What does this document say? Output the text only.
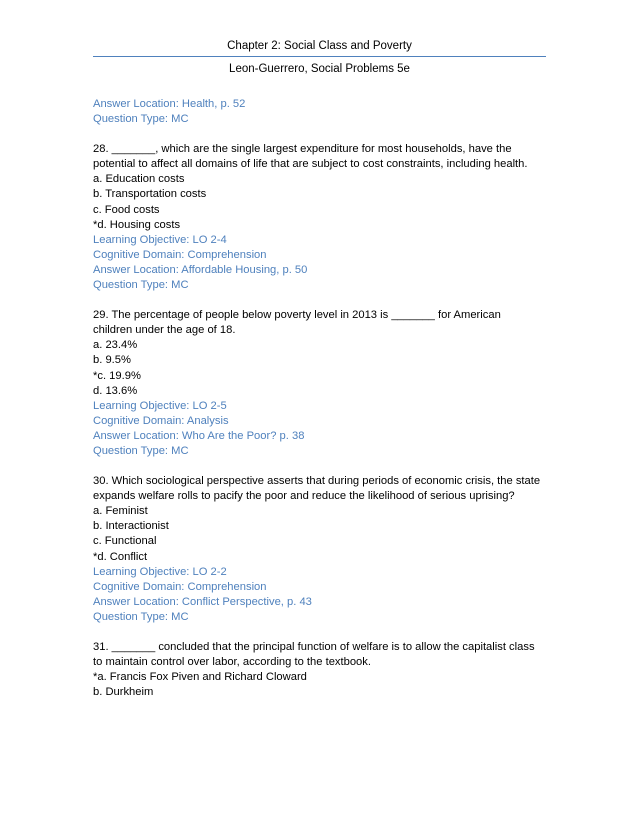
Chapter 2: Social Class and Poverty
Leon-Guerrero, Social Problems 5e
Answer Location: Health, p. 52
Question Type: MC
28. _______, which are the single largest expenditure for most households, have the potential to affect all domains of life that are subject to cost constraints, including health.
a. Education costs
b. Transportation costs
c. Food costs
*d. Housing costs
Learning Objective: LO 2-4
Cognitive Domain: Comprehension
Answer Location: Affordable Housing, p. 50
Question Type: MC
29. The percentage of people below poverty level in 2013 is _______ for American children under the age of 18.
a. 23.4%
b. 9.5%
*c. 19.9%
d. 13.6%
Learning Objective: LO 2-5
Cognitive Domain: Analysis
Answer Location: Who Are the Poor? p. 38
Question Type: MC
30. Which sociological perspective asserts that during periods of economic crisis, the state expands welfare rolls to pacify the poor and reduce the likelihood of serious uprising?
a. Feminist
b. Interactionist
c. Functional
*d. Conflict
Learning Objective: LO 2-2
Cognitive Domain: Comprehension
Answer Location: Conflict Perspective, p. 43
Question Type: MC
31. _______ concluded that the principal function of welfare is to allow the capitalist class to maintain control over labor, according to the textbook.
*a. Francis Fox Piven and Richard Cloward
b. Durkheim
